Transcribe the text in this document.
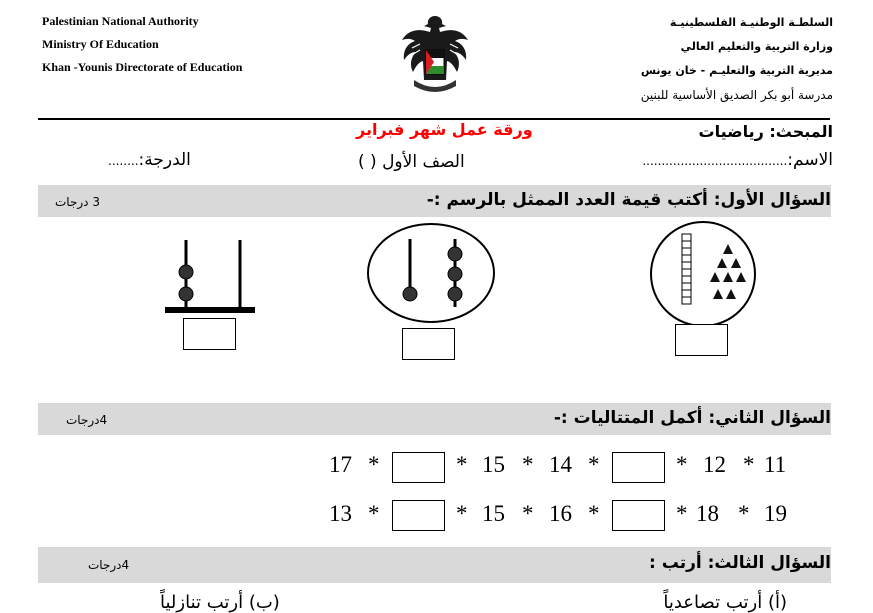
Palestinian National Authority
Ministry Of Education
Khan -Younis Directorate of Education
السلطـة الوطنيـة الفلسطينيـة
وزارة التربية والتعليم العالي
مديرية التربية والتعليـم - خان يونس
مدرسة أبو بكر الصديق الأساسية للبنين
المبحث: رياضيات
ورقة عمل شهر فبراير
الاسم:......................................
الصف الأول ( )
الدرجة:........
السؤال الأول: أكتب قيمة العدد الممثل بالرسم :-
3 درجات
السؤال الثاني: أكمل المتتاليات :-
4درجات
17 *	* 15 * 14 *	* 12 * 11
13 *	* 15 * 16 *	* 18 * 19
السؤال الثالث: أرتب :
4درجات
(أ) أرتب تصاعدياً
(ب) أرتب تنازلياً
